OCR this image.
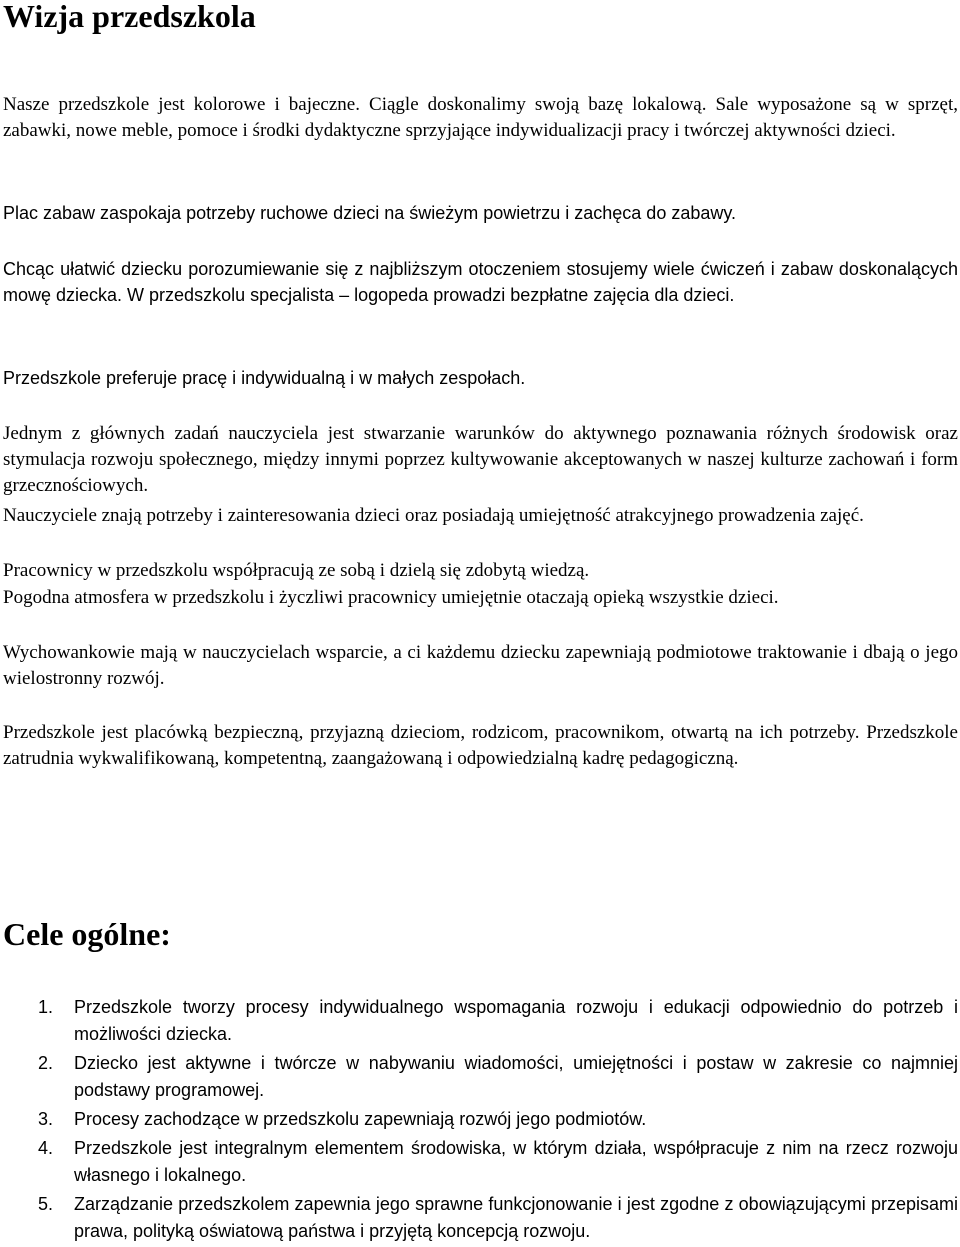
Wizja przedszkola

Nasze przedszkole jest kolorowe i bajeczne. Ciągle doskonalimy swoją bazę lokalową. Sale wyposażone są w sprzęt, zabawki, nowe meble, pomoce i środki dydaktyczne sprzyjające indywidualizacji pracy i twórczej aktywności dzieci.

Plac zabaw zaspokaja potrzeby ruchowe dzieci na świeżym powietrzu i zachęca do zabawy.

Chcąc ułatwić dziecku porozumiewanie się z najbliższym otoczeniem stosujemy wiele ćwiczeń i zabaw doskonalących mowę dziecka. W przedszkolu specjalista – logopeda prowadzi bezpłatne zajęcia dla dzieci.

Przedszkole preferuje pracę i indywidualną i w małych zespołach.

Jednym z głównych zadań nauczyciela jest stwarzanie warunków do aktywnego poznawania różnych środowisk oraz stymulacja rozwoju społecznego, między innymi poprzez kultywowanie akceptowanych w naszej kulturze zachowań i form grzecznościowych.

Nauczyciele znają potrzeby i zainteresowania dzieci oraz posiadają umiejętność atrakcyjnego prowadzenia zajęć.

Pracownicy w przedszkolu współpracują ze sobą i dzielą się zdobytą wiedzą.

Pogodna atmosfera w przedszkolu i życzliwi pracownicy umiejętnie otaczają opieką wszystkie dzieci.

Wychowankowie mają w nauczycielach wsparcie, a ci każdemu dziecku zapewniają podmiotowe traktowanie i dbają o jego wielostronny rozwój.

Przedszkole jest placówką bezpieczną, przyjazną dzieciom, rodzicom, pracownikom, otwartą na ich potrzeby. Przedszkole zatrudnia wykwalifikowaną, kompetentną, zaangażowaną i odpowiedzialną kadrę pedagogiczną.

Cele ogólne:
1. Przedszkole tworzy procesy indywidualnego wspomagania rozwoju i edukacji odpowiednio do potrzeb i możliwości dziecka.
2. Dziecko jest aktywne i twórcze w nabywaniu wiadomości, umiejętności i postaw w zakresie co najmniej podstawy programowej.
3. Procesy zachodzące w przedszkolu zapewniają rozwój jego podmiotów.
4. Przedszkole jest integralnym elementem środowiska, w którym działa, współpracuje z nim na rzecz rozwoju własnego i lokalnego.
5. Zarządzanie przedszkolem zapewnia jego sprawne funkcjonowanie i jest zgodne z obowiązującymi przepisami prawa, polityką oświatową państwa i przyjętą koncepcją rozwoju.
